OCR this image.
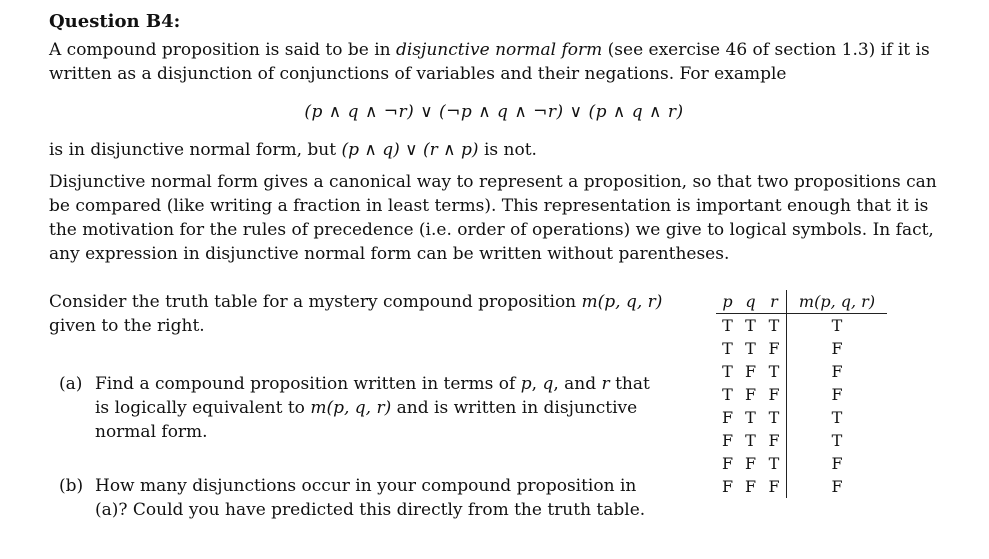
Question B4:

A compound proposition is said to be in disjunctive normal form (see exercise 46 of section 1.3) if it is written as a disjunction of conjunctions of variables and their negations. For example

(p ∧ q ∧ ¬r) ∨ (¬p ∧ q ∧ ¬r) ∨ (p ∧ q ∧ r)

is in disjunctive normal form, but (p ∧ q) ∨ (r ∧ p) is not.

Disjunctive normal form gives a canonical way to represent a proposition, so that two propositions can be compared (like writing a fraction in least terms). This representation is important enough that it is the motivation for the rules of precedence (i.e. order of operations) we give to logical symbols. In fact, any expression in disjunctive normal form can be written without parentheses.

Consider the truth table for a mystery compound proposition m(p, q, r) given to the right.

(a) Find a compound proposition written in terms of p, q, and r that is logically equivalent to m(p, q, r) and is written in disjunctive normal form.
(b) How many disjunctions occur in your compound proposition in (a)? Could you have predicted this directly from the truth table.
p	q	r	m(p, q, r)
T	T	T	T
T	T	F	F
T	F	T	F
T	F	F	F
F	T	T	T
F	T	F	T
F	F	T	F
F	F	F	F
